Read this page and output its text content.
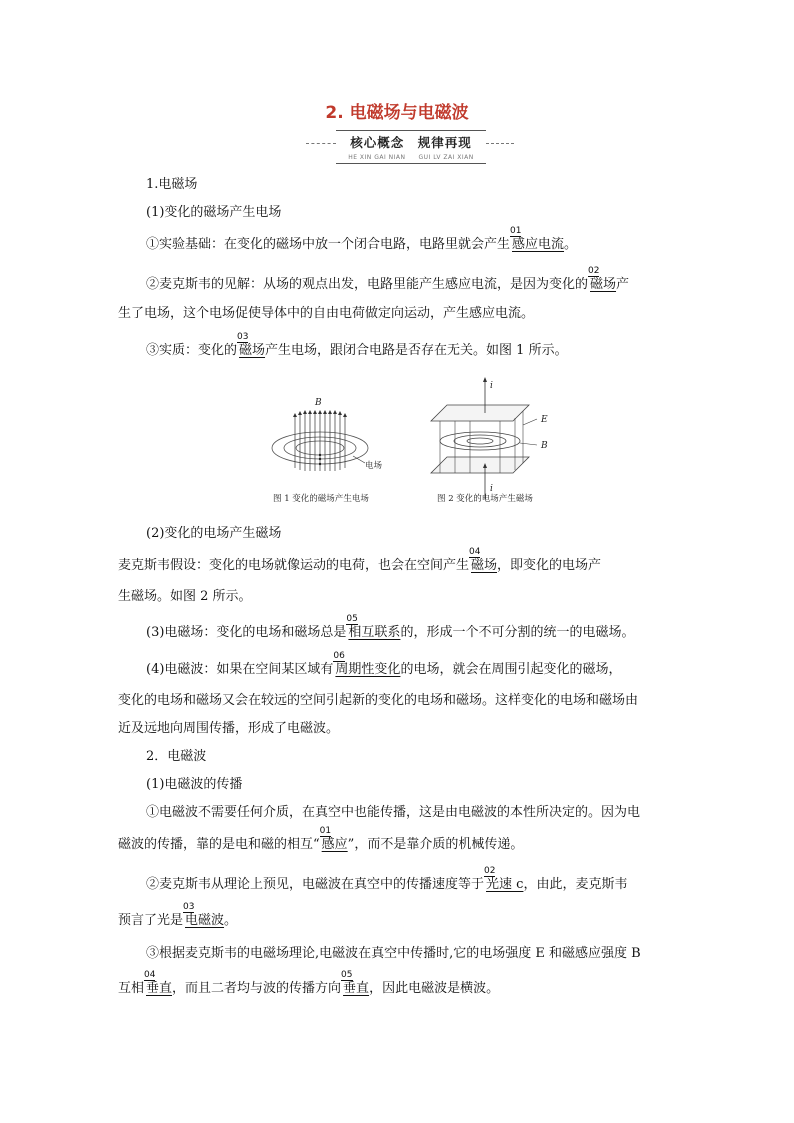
2. 电磁场与电磁波
核心概念　规律再现
HE XIN GAI NIAN　　GUI LV ZAI XIAN
1.电磁场
(1)变化的磁场产生电场
①实验基础：在变化的磁场中放一个闭合电路，电路里就会产生
01
感应电流。
②麦克斯韦的见解：从场的观点出发，电路里能产生感应电流，是因为变化的
02
磁场产
生了电场，这个电场促使导体中的自由电荷做定向运动，产生感应电流。
③实质：变化的
03
磁场产生电场，跟闭合电路是否存在无关。如图 1 所示。
B
电场
图 1 变化的磁场产生电场
i
i
E
B
图 2 变化的电场产生磁场
(2)变化的电场产生磁场
麦克斯韦假设：变化的电场就像运动的电荷，也会在空间产生
04
磁场，即变化的电场产
生磁场。如图 2 所示。
(3)电磁场：变化的电场和磁场总是
05
相互联系的，形成一个不可分割的统一的电磁场。
(4)电磁波：如果在空间某区域有
06
周期性变化的电场，就会在周围引起变化的磁场，
变化的电场和磁场又会在较远的空间引起新的变化的电场和磁场。这样变化的电场和磁场由
近及远地向周围传播，形成了电磁波。
2．电磁波
(1)电磁波的传播
①电磁波不需要任何介质，在真空中也能传播，这是由电磁波的本性所决定的。因为电
磁波的传播，靠的是电和磁的相互“
01
感应”，而不是靠介质的机械传递。
②麦克斯韦从理论上预见，电磁波在真空中的传播速度等于
02
光速 c，由此，麦克斯韦
预言了光是
03
电磁波。
③根据麦克斯韦的电磁场理论,电磁波在真空中传播时,它的电场强度 E 和磁感应强度 B
互相
04
垂直，而且二者均与波的传播方向
05
垂直，因此电磁波是横波。
